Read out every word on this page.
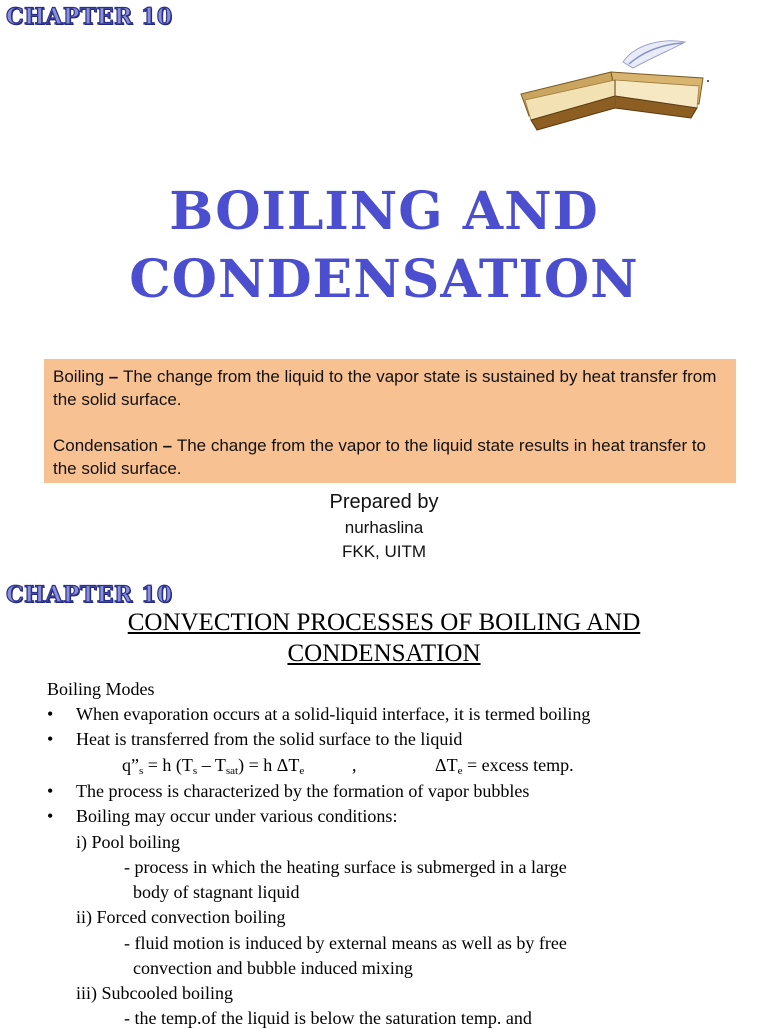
CHAPTER 10
BOILING AND
CONDENSATION

Boiling – The change from the liquid to the vapor state is sustained by heat transfer from the solid surface.

Condensation – The change from the vapor to the liquid state results in heat transfer to the solid surface.

Prepared by
nurhaslina
FKK, UITM
CHAPTER 10
CONVECTION PROCESSES OF BOILING AND
CONDENSATION
Boiling Modes
• When evaporation occurs at a solid-liquid interface, it is termed boiling
• Heat is transferred from the solid surface to the liquid
$q”_s = h$ $(T_s - T_{sat}) = h$ $\Delta T_e$	,	$\Delta T_e$ = excess temp.
• The process is characterized by the formation of vapor bubbles
• Boiling may occur under various conditions:
i) Pool boiling
- process in which the heating surface is submerged in a large
body of stagnant liquid
ii) Forced convection boiling
- fluid motion is induced by external means as well as by free
convection and bubble induced mixing
iii) Subcooled boiling
- the temp.of the liquid is below the saturation temp. and
